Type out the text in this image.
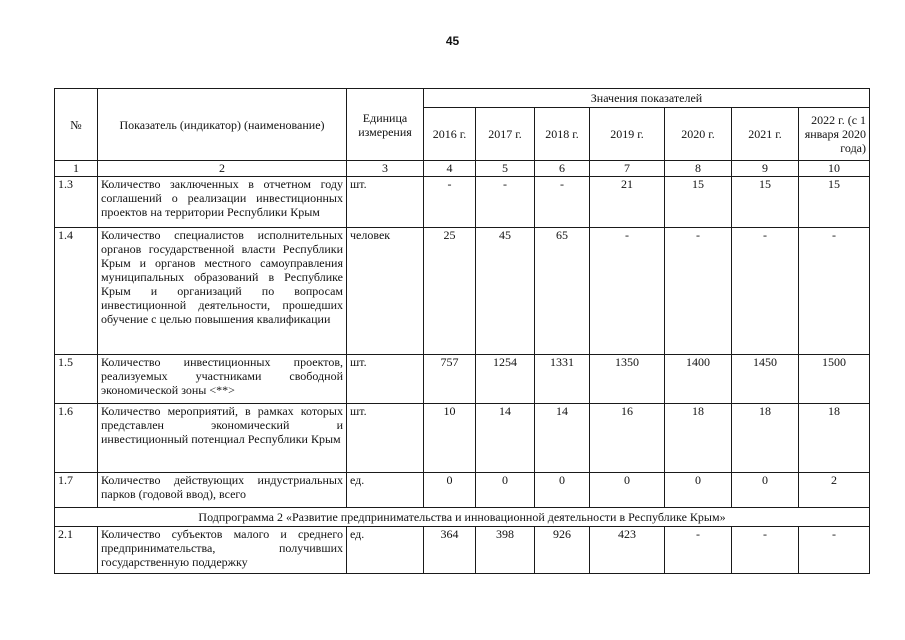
45
№	Показатель (индикатор) (наименование)	Единица измерения	Значения показателей						
			2016 г.	2017 г.	2018 г.	2019 г.	2020 г.	2021 г.	2022 г. (с 1 января 2020 года)
1	2	3	4	5	6	7	8	9	10
1.3	Количество заключенных в отчетном году соглашений о реализации инвестиционных проектов на территории Республики Крым	шт.	-	-	-	21	15	15	15
1.4	Количество специалистов исполнительных органов государственной власти Республики Крым и органов местного самоуправления муниципальных образований в Республике Крым и организаций по вопросам инвестиционной деятельности, прошедших обучение с целью повышения квалификации	человек	25	45	65	-	-	-	-
1.5	Количество инвестиционных проектов, реализуемых участниками свободной экономической зоны <**>	шт.	757	1254	1331	1350	1400	1450	1500
1.6	Количество мероприятий, в рамках которых представлен экономический и инвестиционный потенциал Республики Крым	шт.	10	14	14	16	18	18	18
1.7	Количество действующих индустриальных парков (годовой ввод), всего	ед.	0	0	0	0	0	0	2
Подпрограмма 2 «Развитие предпринимательства и инновационной деятельности в Республике Крым»									
2.1	Количество субъектов малого и среднего предпринимательства, получивших государственную поддержку	ед.	364	398	926	423	-	-	-
